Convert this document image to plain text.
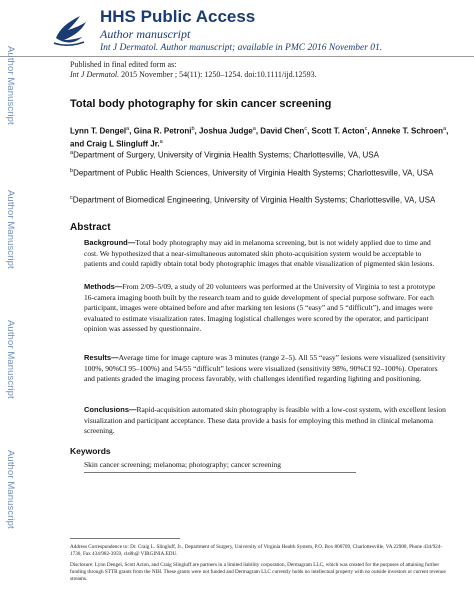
HHS Public Access

Author manuscript

Int J Dermatol. Author manuscript; available in PMC 2016 November 01.

Author Manuscript
Author Manuscript
Author Manuscript
Author Manuscript
Published in final edited form as:
Int J Dermatol. 2015 November ; 54(11): 1250–1254. doi:10.1111/ijd.12593.
Total body photography for skin cancer screening
Lynn T. Dengel$^a$, Gina R. Petroni$^b$, Joshua Judge$^a$, David Chen$^c$, Scott T. Acton$^c$, Anneke T. Schroen$^a$, and Craig L Slingluff Jr.$^a$
$^a$Department of Surgery, University of Virginia Health Systems; Charlottesville, VA, USA
$^b$Department of Public Health Sciences, University of Virginia Health Systems; Charlottesville, VA, USA
$^c$Department of Biomedical Engineering, University of Virginia Health Systems; Charlottesville, VA, USA
Abstract

Background—Total body photography may aid in melanoma screening, but is not widely applied due to time and cost. We hypothesized that a near-simultaneous automated skin photo-acquisition system would be acceptable to patients and could rapidly obtain total body photographic images that enable visualization of pigmented skin lesions.

Methods—From 2/09–5/09, a study of 20 volunteers was performed at the University of Virginia to test a prototype 16-camera imaging booth built by the research team and to guide development of special purpose software. For each participant, images were obtained before and after marking ten lesions (5 “easy” and 5 “difficult”), and images were evaluated to estimate visualization rates. Imaging logistical challenges were scored by the operator, and participant opinion was assessed by questionnaire.

Results—Average time for image capture was 3 minutes (range 2–5). All 55 “easy” lesions were visualized (sensitivity 100%, 90%CI 95–100%) and 54/55 “difficult” lesions were visualized (sensitivity 98%, 90%CI 92–100%). Operators and patients graded the imaging process favorably, with challenges identified regarding lighting and positioning.

Conclusions—Rapid-acquisition automated skin photography is feasible with a low-cost system, with excellent lesion visualization and participant acceptance. These data provide a basis for employing this method in clinical melanoma screening.

Keywords
Skin cancer screening; melanoma; photography; cancer screening

Address Correspondence to: Dr. Craig L. Slingluff, Jr., Department of Surgery, University of Virginia Health System, P.O. Box 800709, Charlottesville, VA 22908, Phone 434/924-1730, Fax 434/982-3959, cls8h@ VIRGINIA.EDU.

Disclosure: Lynn Dengel, Scott Acton, and Craig Slingluff are partners in a limited liability corporation, Dermagram LLC, which was created for the purposes of attaining further funding through STTR grants from the NIH. These grants were not funded and Dermagram LLC currently holds no intellectual property with no outside investors or current revenue streams.
